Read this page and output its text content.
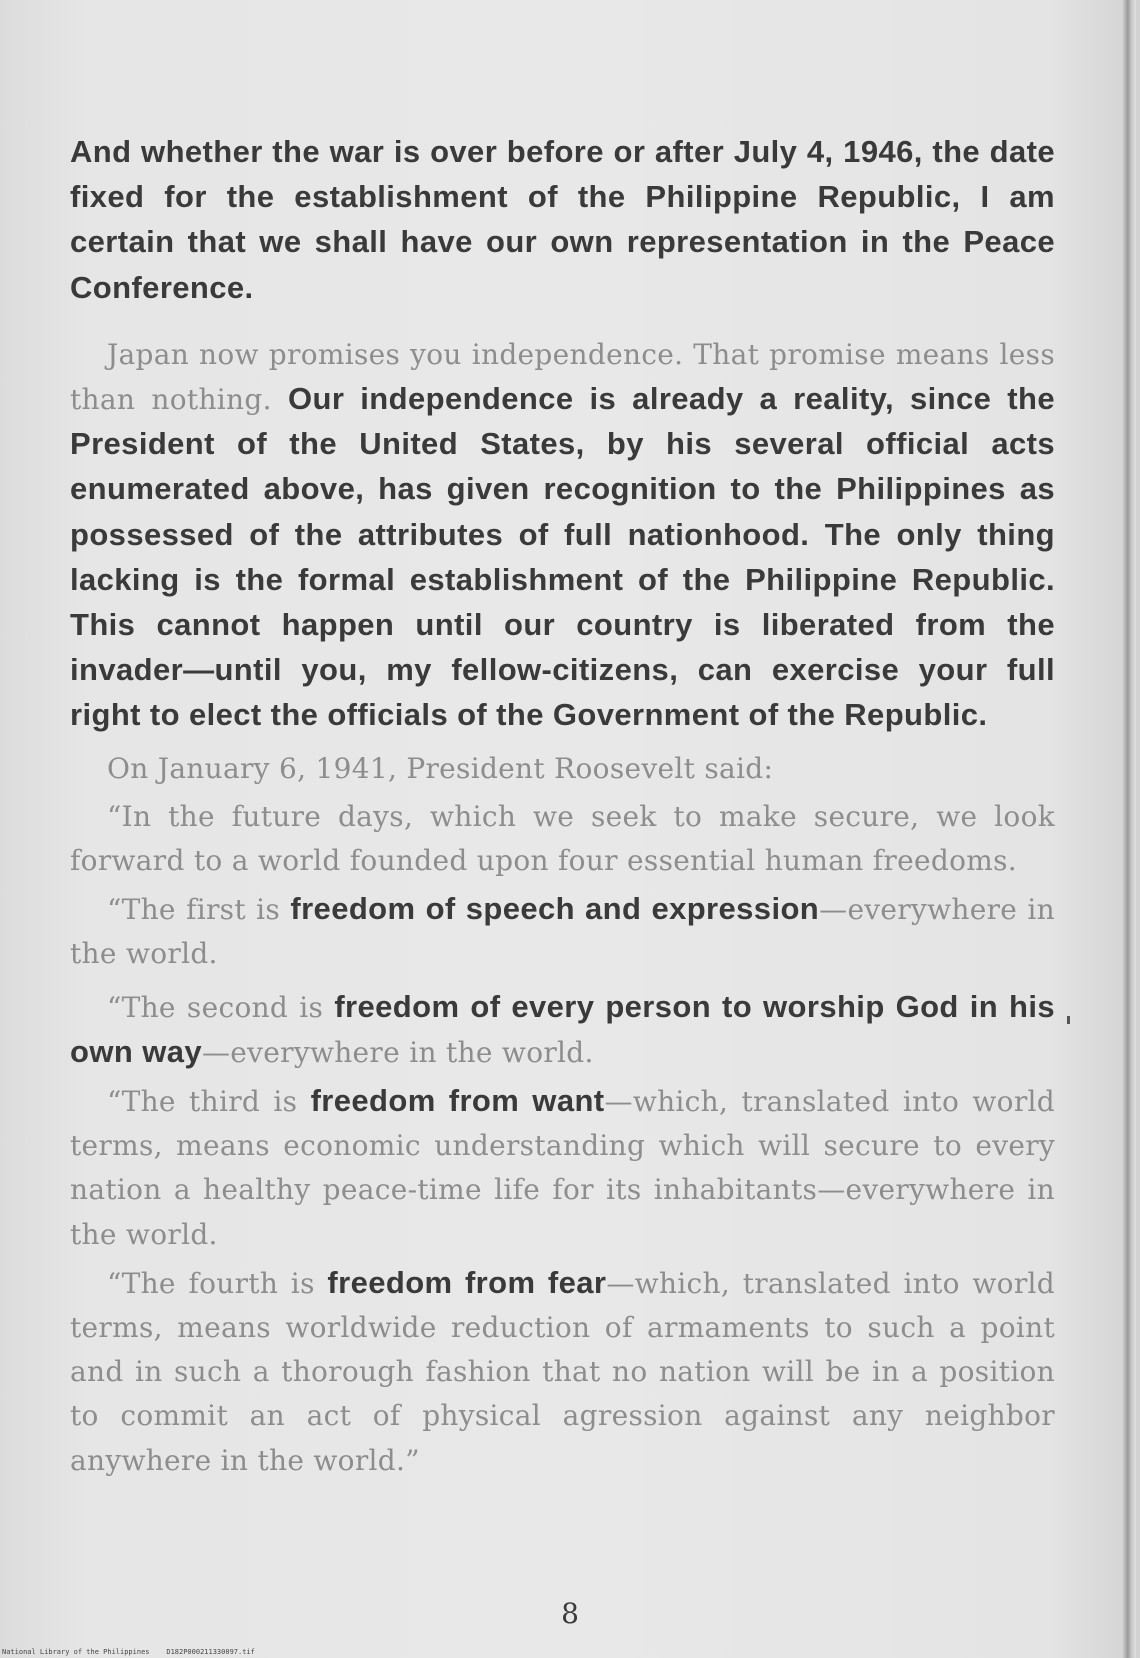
And whether the war is over before or after July 4, 1946, the date fixed for the establishment of the Philippine Republic, I am certain that we shall have our own representation in the Peace Conference.

Japan now promises you independence. That promise means less than nothing. Our independence is already a reality, since the President of the United States, by his several official acts enumerated above, has given recognition to the Philippines as possessed of the attributes of full nationhood. The only thing lacking is the formal establishment of the Philippine Republic. This cannot happen until our country is liberated from the invader—until you, my fellow-citizens, can exercise your full right to elect the officials of the Government of the Republic.

On January 6, 1941, President Roosevelt said:

“In the future days, which we seek to make secure, we look forward to a world founded upon four essential human freedoms.

“The first is freedom of speech and expression—everywhere in the world.

“The second is freedom of every person to worship God in his own way—everywhere in the world.

“The third is freedom from want—which, translated into world terms, means economic understanding which will secure to every nation a healthy peace-time life for its inhabitants—everywhere in the world.

“The fourth is freedom from fear—which, translated into world terms, means worldwide reduction of armaments to such a point and in such a thorough fashion that no nation will be in a position to commit an act of physical agression against any neighbor anywhere in the world.”

8
National Library of the Philippines    D182P000211330097.tif
